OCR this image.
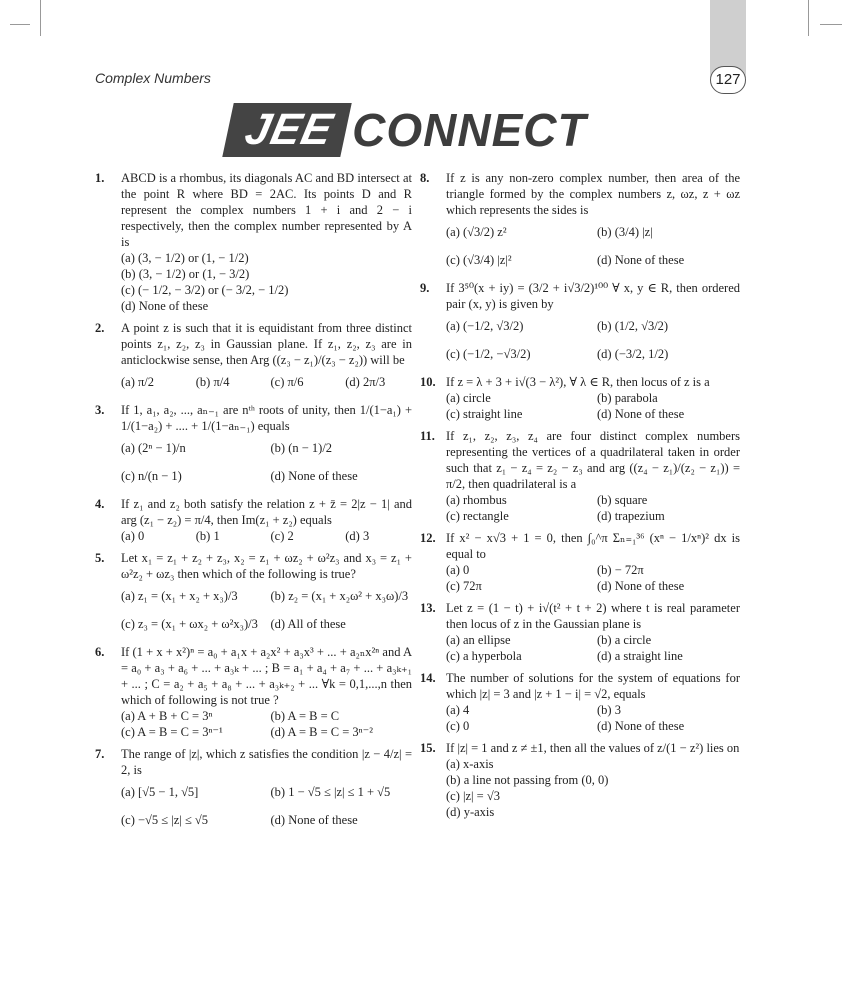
Complex Numbers	127
JEE CONNECT
1. ABCD is a rhombus, its diagonals AC and BD intersect at the point R where BD = 2AC. Its points D and R represent the complex numbers 1 + i and 2 − i respectively, then the complex number represented by A is
(a) (3, − 1/2) or (1, − 1/2)
(b) (3, − 1/2) or (1, − 3/2)
(c) (− 1/2, − 3/2) or (− 3/2, − 1/2)
(d) None of these
2. A point z is such that it is equidistant from three distinct points z₁, z₂, z₃ in Gaussian plane. If z₁, z₂, z₃ are in anticlockwise sense, then Arg ((z₃ − z₁)/(z₃ − z₂)) will be
(a) π/2	(b) π/4	(c) π/6	(d) 2π/3
3. If 1, a₁, a₂, ..., aₙ₋₁ are nᵗʰ roots of unity, then 1/(1−a₁) + 1/(1−a₂) + .... + 1/(1−aₙ₋₁) equals
(a) (2ⁿ − 1)/n	(b) (n − 1)/2
(c) n/(n − 1)	(d) None of these
4. If z₁ and z₂ both satisfy the relation z + z̄ = 2|z − 1| and arg (z₁ − z₂) = π/4, then Im(z₁ + z₂) equals
(a) 0	(b) 1	(c) 2	(d) 3
5. Let x₁ = z₁ + z₂ + z₃, x₂ = z₁ + ωz₂ + ω²z₃ and x₃ = z₁ + ω²z₂ + ωz₃ then which of the following is true?
(a) z₁ = (x₁ + x₂ + x₃)/3	(b) z₂ = (x₁ + x₂ω² + x₃ω)/3
(c) z₃ = (x₁ + ωx₂ + ω²x₃)/3	(d) All of these
6. If (1 + x + x²)ⁿ = a₀ + a₁x + a₂x² + a₃x³ + ... + a₂ₙx²ⁿ and A = a₀ + a₃ + a₆ + ... + a₃ₖ + ... ; B = a₁ + a₄ + a₇ + ... + a₃ₖ₊₁ + ... ; C = a₂ + a₅ + a₈ + ... + a₃ₖ₊₂ + ... ∀k = 0,1,...,n then which of following is not true ?
(a) A + B + C = 3ⁿ	(b) A = B = C
(c) A = B = C = 3ⁿ⁻¹	(d) A = B = C = 3ⁿ⁻²
7. The range of |z|, which z satisfies the condition |z − 4/z| = 2, is
(a) [√5 − 1, √5]	(b) 1 − √5 ≤ |z| ≤ 1 + √5
(c) −√5 ≤ |z| ≤ √5	(d) None of these
8. If z is any non-zero complex number, then area of the triangle formed by the complex numbers z, ωz, z + ωz which represents the sides is
(a) (√3/2) z²	(b) (3/4) |z|
(c) (√3/4) |z|²	(d) None of these
9. If 3⁵⁰(x + iy) = (3/2 + i√3/2)¹⁰⁰ ∀ x, y ∈ R, then ordered pair (x, y) is given by
(a) (−1/2, √3/2)	(b) (1/2, √3/2)
(c) (−1/2, −√3/2)	(d) (−3/2, 1/2)
10. If z = λ + 3 + i√(3 − λ²), ∀ λ ∈ R, then locus of z is a
(a) circle	(b) parabola
(c) straight line	(d) None of these
11. If z₁, z₂, z₃, z₄ are four distinct complex numbers representing the vertices of a quadrilateral taken in order such that z₁ − z₄ = z₂ − z₃ and arg ((z₄ − z₁)/(z₂ − z₁)) = π/2, then quadrilateral is a
(a) rhombus	(b) square
(c) rectangle	(d) trapezium
12. If x² − x√3 + 1 = 0, then ∫₀^π Σₙ₌₁³⁶ (xⁿ − 1/xⁿ)² dx is equal to
(a) 0	(b) − 72π
(c) 72π	(d) None of these
13. Let z = (1 − t) + i√(t² + t + 2) where t is real parameter then locus of z in the Gaussian plane is
(a) an ellipse	(b) a circle
(c) a hyperbola	(d) a straight line
14. The number of solutions for the system of equations for which |z| = 3 and |z + 1 − i| = √2, equals
(a) 4	(b) 3
(c) 0	(d) None of these
15. If |z| = 1 and z ≠ ±1, then all the values of z/(1 − z²) lies on
(a) x-axis
(b) a line not passing from (0, 0)
(c) |z| = √3
(d) y-axis
